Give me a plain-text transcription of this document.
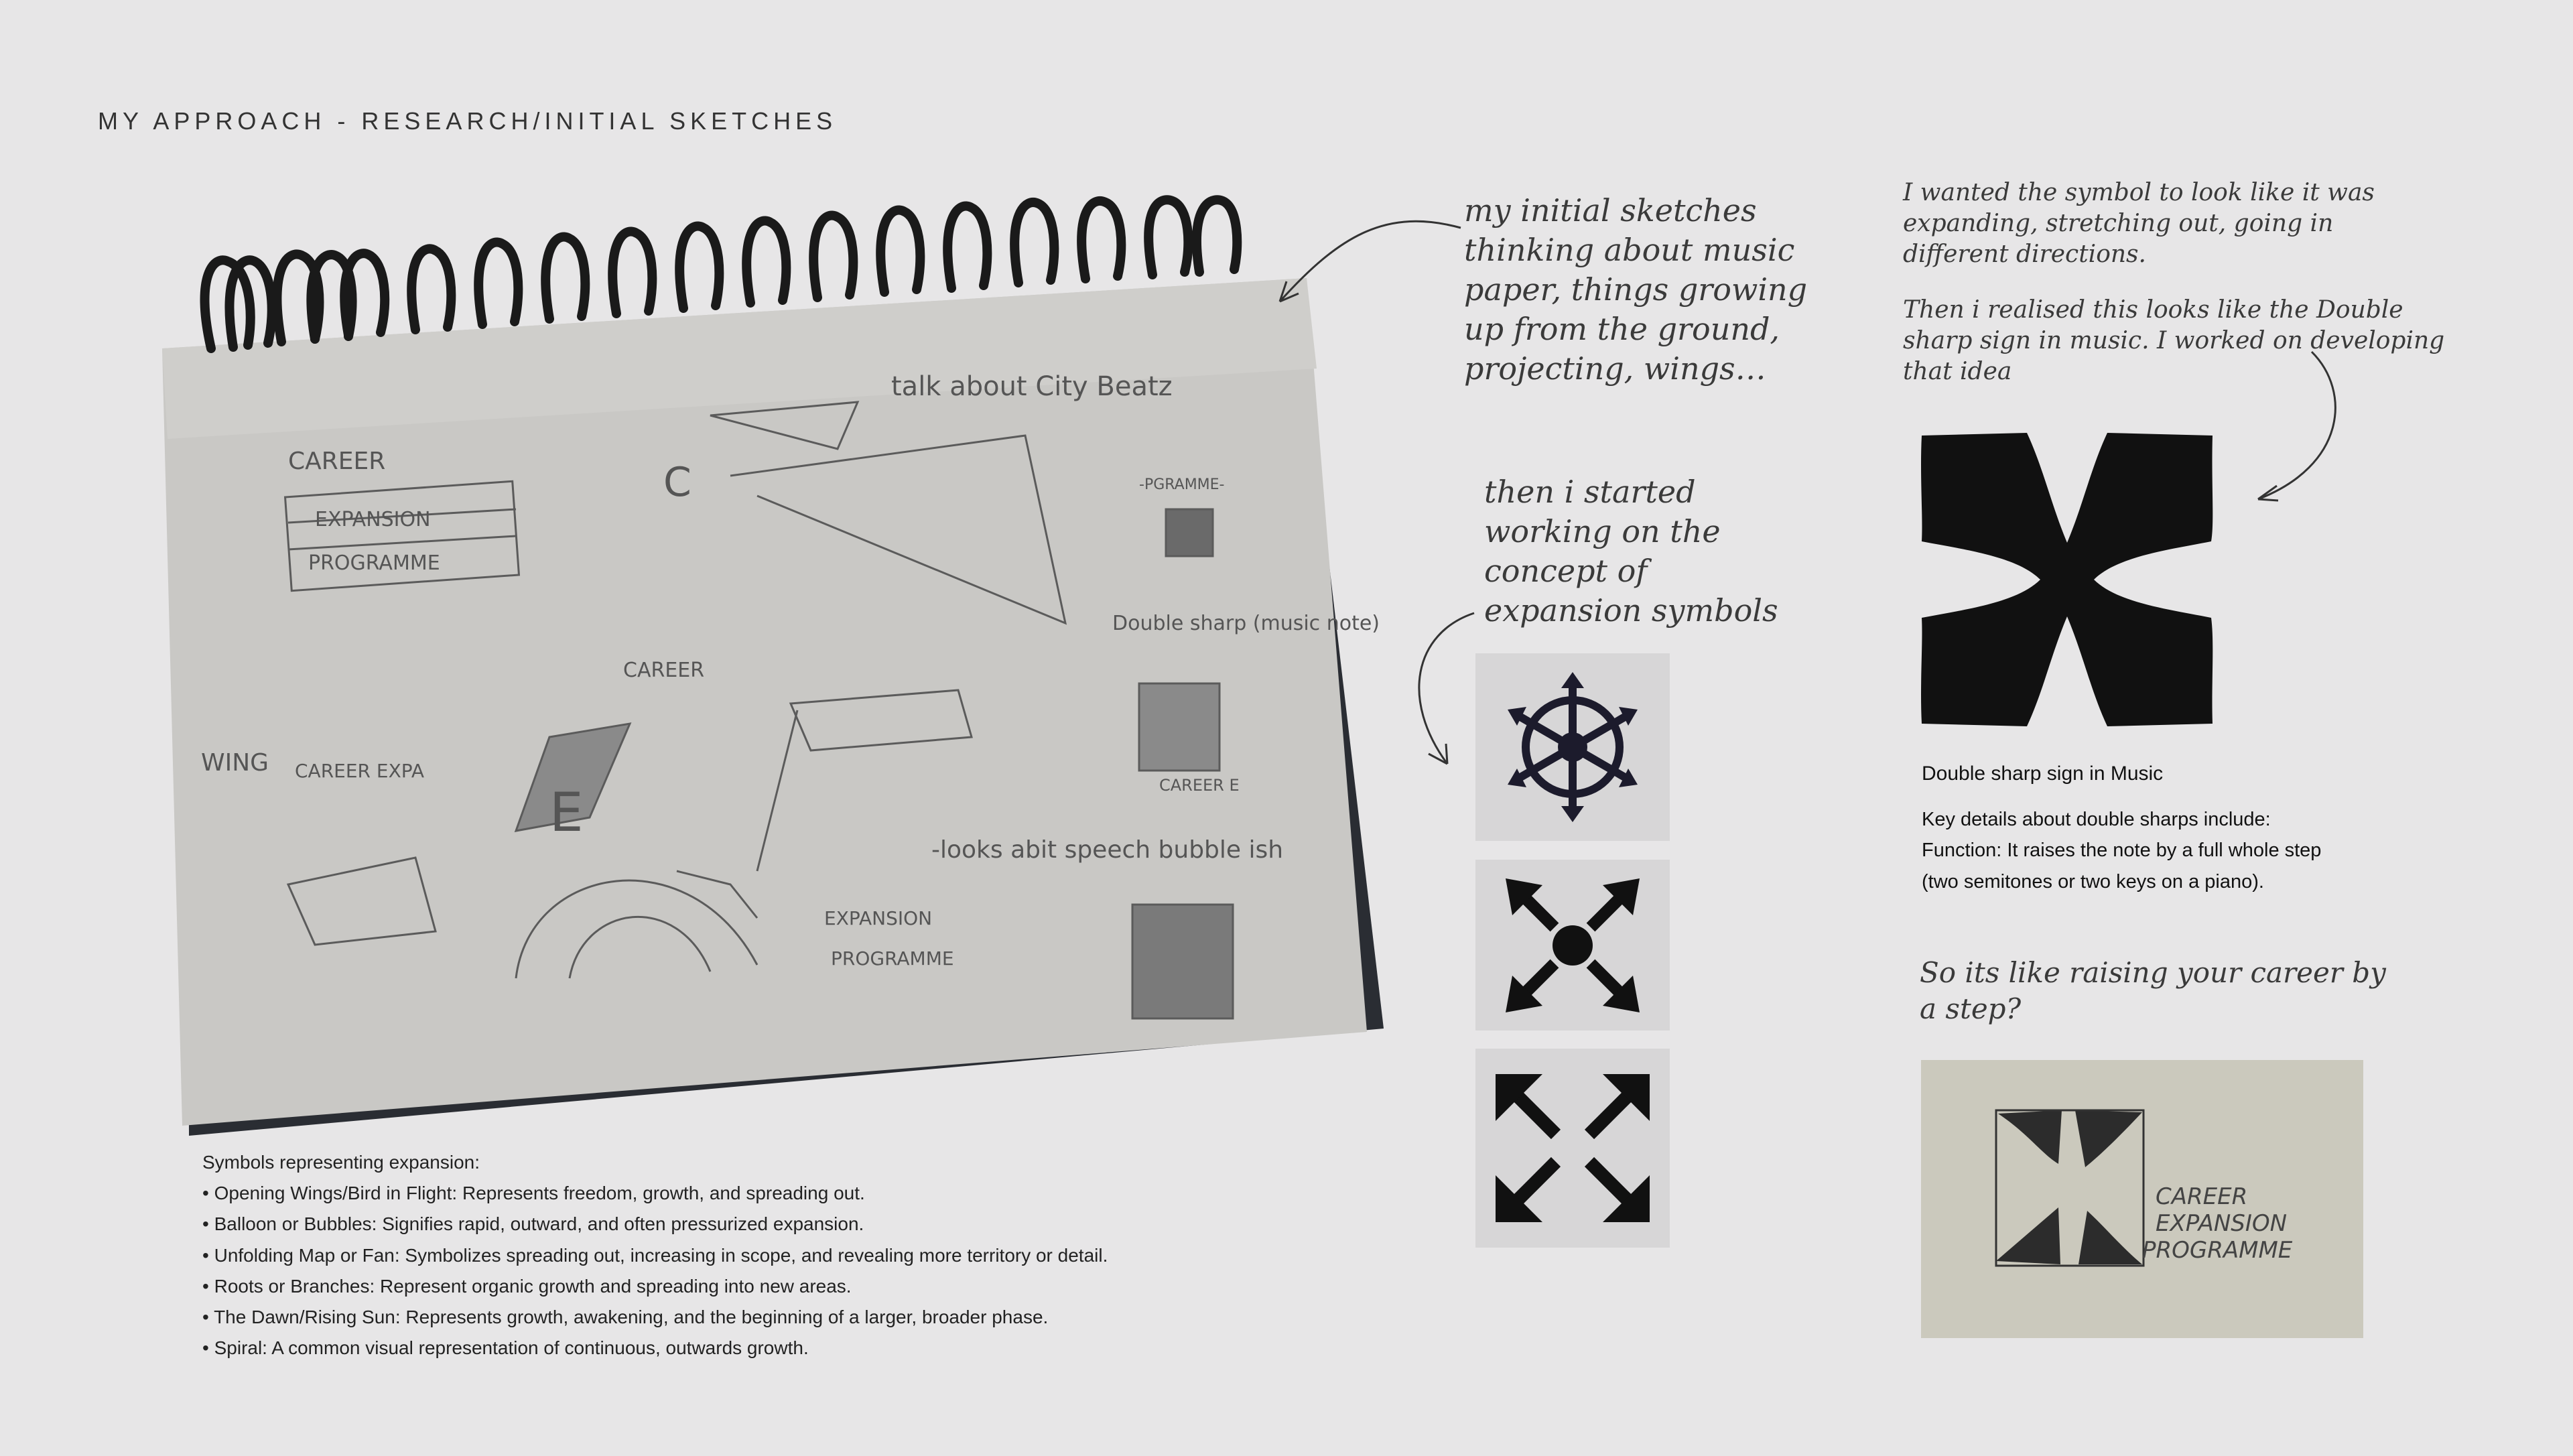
MY APPROACH - RESEARCH/INITIAL SKETCHES
CAREER
EXPANSION
PROGRAMME
talk about City Beatz
Double sharp (music note)
WING
-looks abit speech bubble ish
C
E
CAREER EXPA
CAREER E
-PGRAMME-
CAREER
EXPANSION
PROGRAMME
my initial sketches thinking about music paper, things growing up from the ground, projecting, wings…
then i started working on the concept of expansion symbols
I wanted the symbol to look like it was expanding, stretching out, going in different directions.
Then i realised this looks like the Double sharp sign in music. I worked on developing that idea
So its like raising your career by a step?
Double sharp sign in Music
Key details about double sharps include:
Function: It raises the note by a full whole step
(two semitones or two keys on a piano).
CAREER
EXPANSION
PROGRAMME
Symbols representing expansion:
• Opening Wings/Bird in Flight: Represents freedom, growth, and spreading out.
• Balloon or Bubbles: Signifies rapid, outward, and often pressurized expansion.
• Unfolding Map or Fan: Symbolizes spreading out, increasing in scope, and revealing more territory or detail.
• Roots or Branches: Represent organic growth and spreading into new areas.
• The Dawn/Rising Sun: Represents growth, awakening, and the beginning of a larger, broader phase.
• Spiral: A common visual representation of continuous, outwards growth.
